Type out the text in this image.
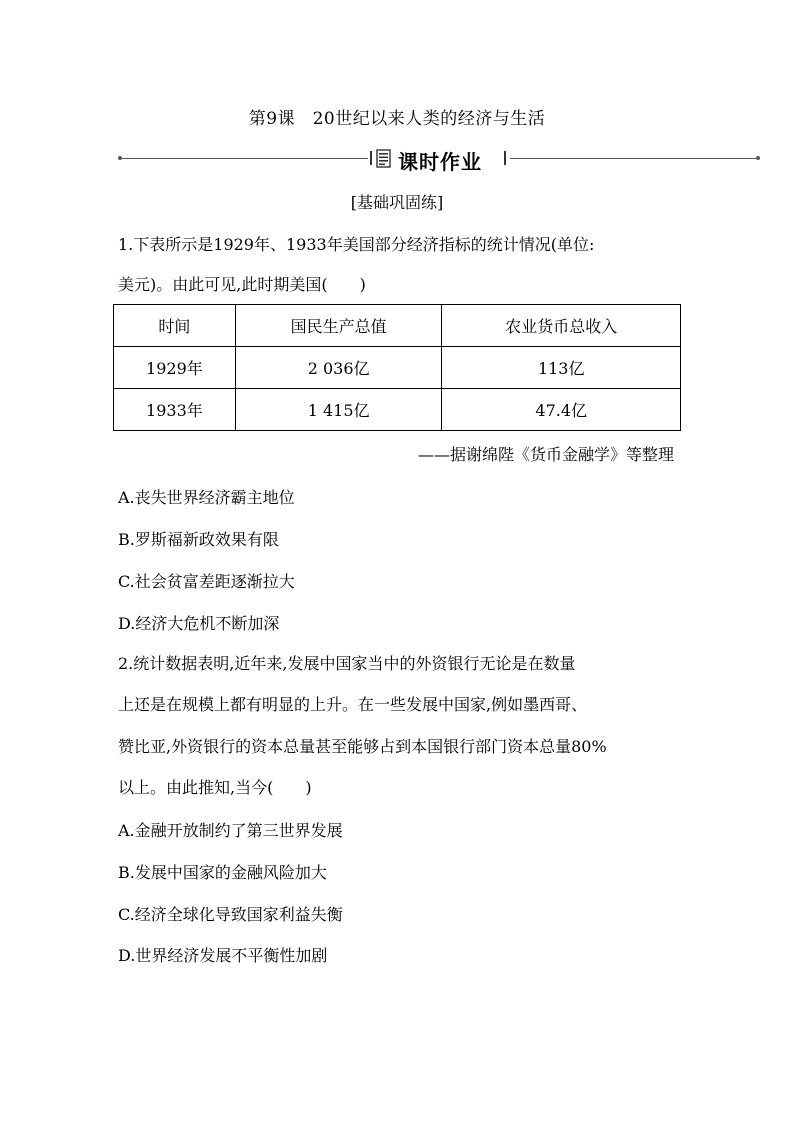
第9课　20世纪以来人类的经济与生活
课时作业
[基础巩固练]
1.下表所示是1929年、1933年美国部分经济指标的统计情况(单位:
美元)。由此可见,此时期美国(　　)
时间	国民生产总值	农业货币总收入
1929年	2 036亿	113亿
1933年	1 415亿	47.4亿
——据谢绵陛《货币金融学》等整理
A.丧失世界经济霸主地位
B.罗斯福新政效果有限
C.社会贫富差距逐渐拉大
D.经济大危机不断加深
2.统计数据表明,近年来,发展中国家当中的外资银行无论是在数量
上还是在规模上都有明显的上升。在一些发展中国家,例如墨西哥、
赞比亚,外资银行的资本总量甚至能够占到本国银行部门资本总量80%
以上。由此推知,当今(　　)
A.金融开放制约了第三世界发展
B.发展中国家的金融风险加大
C.经济全球化导致国家利益失衡
D.世界经济发展不平衡性加剧
